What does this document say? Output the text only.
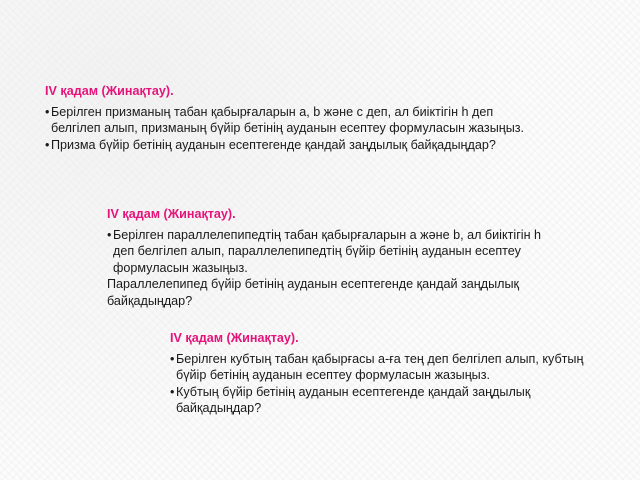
IV қадам (Жинақтау).
• Берілген призманың табан қабырғаларын a, b және c деп, ал биіктігін h деп белгілеп алып, призманың бүйір бетінің ауданын есептеу формуласын жазыңыз.
• Призма бүйір бетінің ауданын есептегенде қандай заңдылық байқадыңдар?
IV қадам (Жинақтау).
• Берілген параллелепипедтің табан қабырғаларын a және b, ал биіктігін h деп белгілеп алып, параллелепипедтің бүйір бетінің ауданын есептеу формуласын жазыңыз.

Параллелепипед бүйір бетінің ауданын есептегенде қандай заңдылық байқадыңдар?

IV қадам (Жинақтау).
• Берілген кубтың табан қабырғасы a-ға тең деп белгілеп алып, кубтың бүйір бетінің ауданын есептеу формуласын жазыңыз.
• Кубтың бүйір бетінің ауданын есептегенде қандай заңдылық байқадыңдар?
